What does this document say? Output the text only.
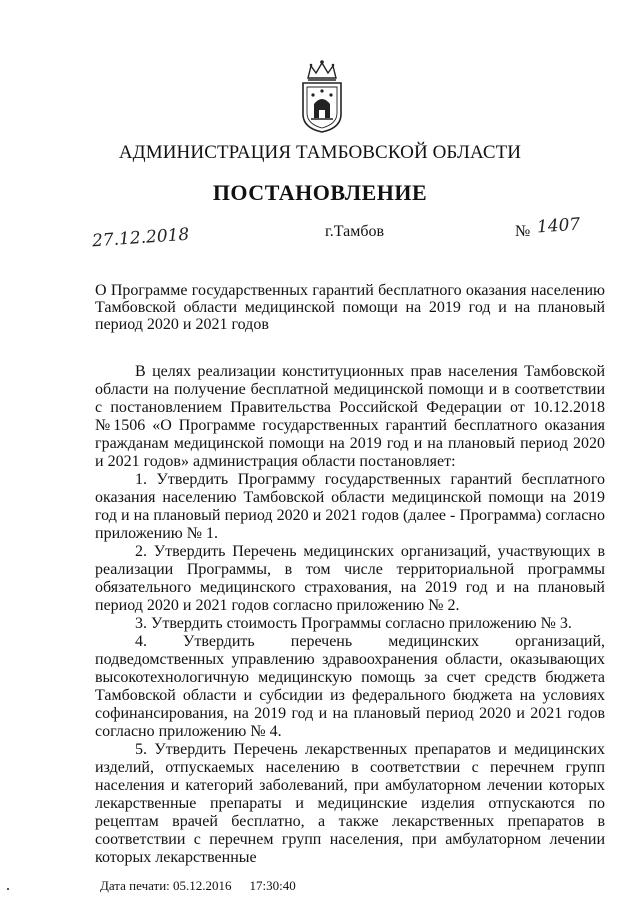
АДМИНИСТРАЦИЯ ТАМБОВСКОЙ ОБЛАСТИ
ПОСТАНОВЛЕНИЕ
27.12.2018	г.Тамбов	№ 1407
О Программе государственных гарантий бесплатного оказания населению Тамбовской области медицинской помощи на 2019 год и на плановый период 2020 и 2021 годов

В целях реализации конституционных прав населения Тамбовской области на получение бесплатной медицинской помощи и в соответствии с постановлением Правительства Российской Федерации от 10.12.2018 №1506 «О Программе государственных гарантий бесплатного оказания гражданам медицинской помощи на 2019 год и на плановый период 2020 и 2021 годов» администрация области постановляет:

1. Утвердить Программу государственных гарантий бесплатного оказания населению Тамбовской области медицинской помощи на 2019 год и на плановый период 2020 и 2021 годов (далее - Программа) согласно приложению № 1.

2. Утвердить Перечень медицинских организаций, участвующих в реализации Программы, в том числе территориальной программы обязательного медицинского страхования, на 2019 год и на плановый период 2020 и 2021 годов согласно приложению № 2.

3. Утвердить стоимость Программы согласно приложению № 3.

4. Утвердить перечень медицинских организаций, подведомственных управлению здравоохранения области, оказывающих высокотехнологичную медицинскую помощь за счет средств бюджета Тамбовской области и субсидии из федерального бюджета на условиях софинансирования, на 2019 год и на плановый период 2020 и 2021 годов согласно приложению № 4.

5. Утвердить Перечень лекарственных препаратов и медицинских изделий, отпускаемых населению в соответствии с перечнем групп населения и категорий заболеваний, при амбулаторном лечении которых лекарственные препараты и медицинские изделия отпускаются по рецептам врачей бесплатно, а также лекарственных препаратов в соответствии с перечнем групп населения, при амбулаторном лечении которых лекарственные

Дата печати: 05.12.2016 17:30:40
